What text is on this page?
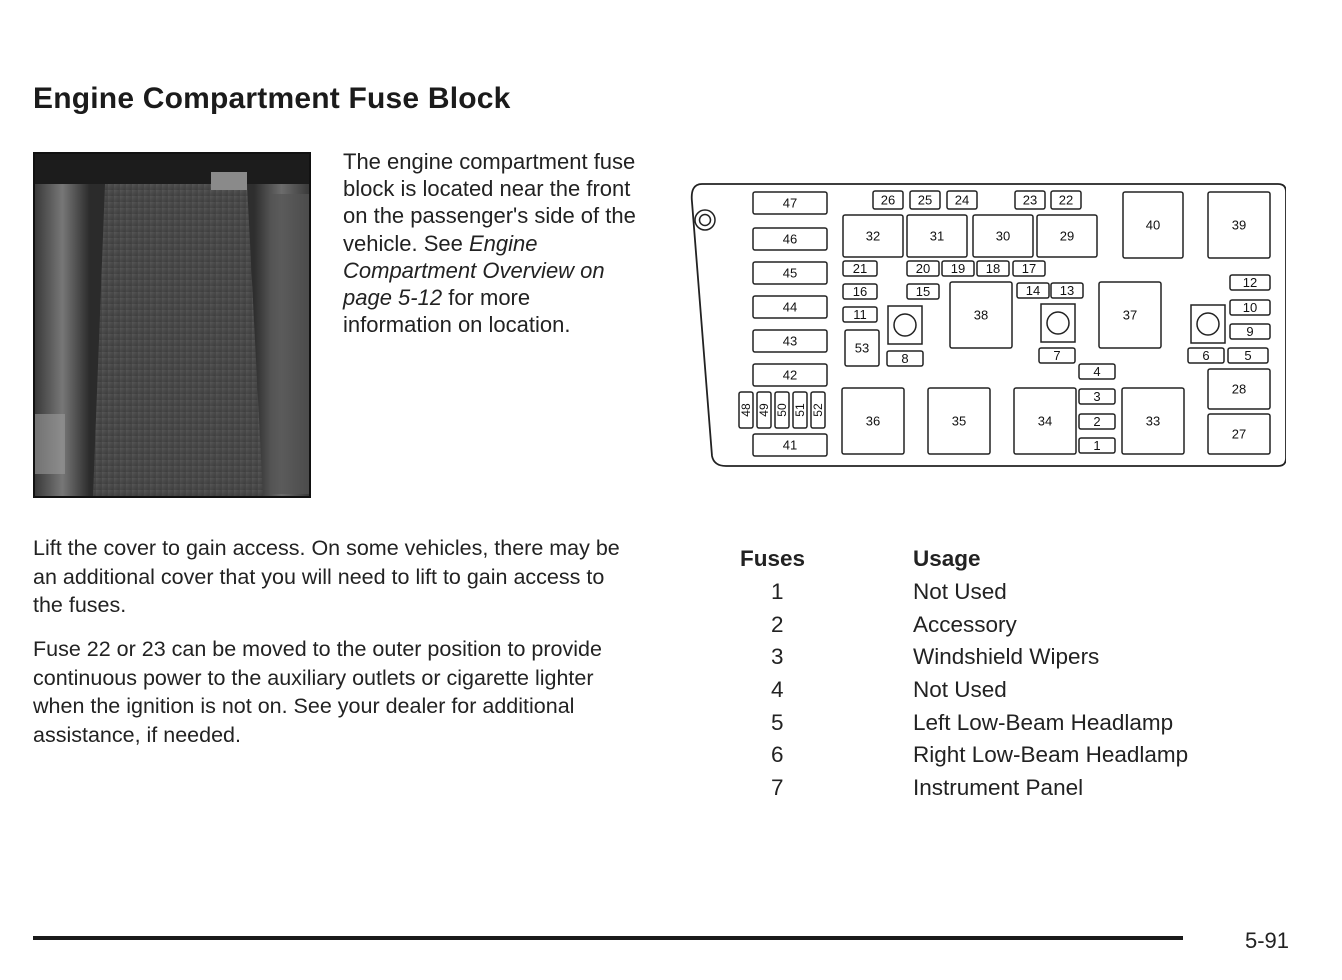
Engine Compartment Fuse Block
The engine compartment fuse block is located near the front on the passenger's side of the vehicle. See Engine Compartment Overview on page 5-12 for more information on location.

Lift the cover to gain access. On some vehicles, there may be an additional cover that you will need to lift to gain access to the fuses.

Fuse 22 or 23 can be moved to the outer position to provide continuous power to the auxiliary outlets or cigarette lighter when the ignition is not on. See your dealer for additional assistance, if needed.

47
46
45
44
43
42
41
48 49 50 51 52
26 25 24	23 22
32	31	30	29
40	39
21	20 19 18 17
16	15	14 13
11	38	37
12
10
9
53
8	7	6	5
4
3
2
1
36	35	34	33
28
27
Fuses	Usage
1	Not Used
2	Accessory
3	Windshield Wipers
4	Not Used
5	Left Low-Beam Headlamp
6	Right Low-Beam Headlamp
7	Instrument Panel
5-91
